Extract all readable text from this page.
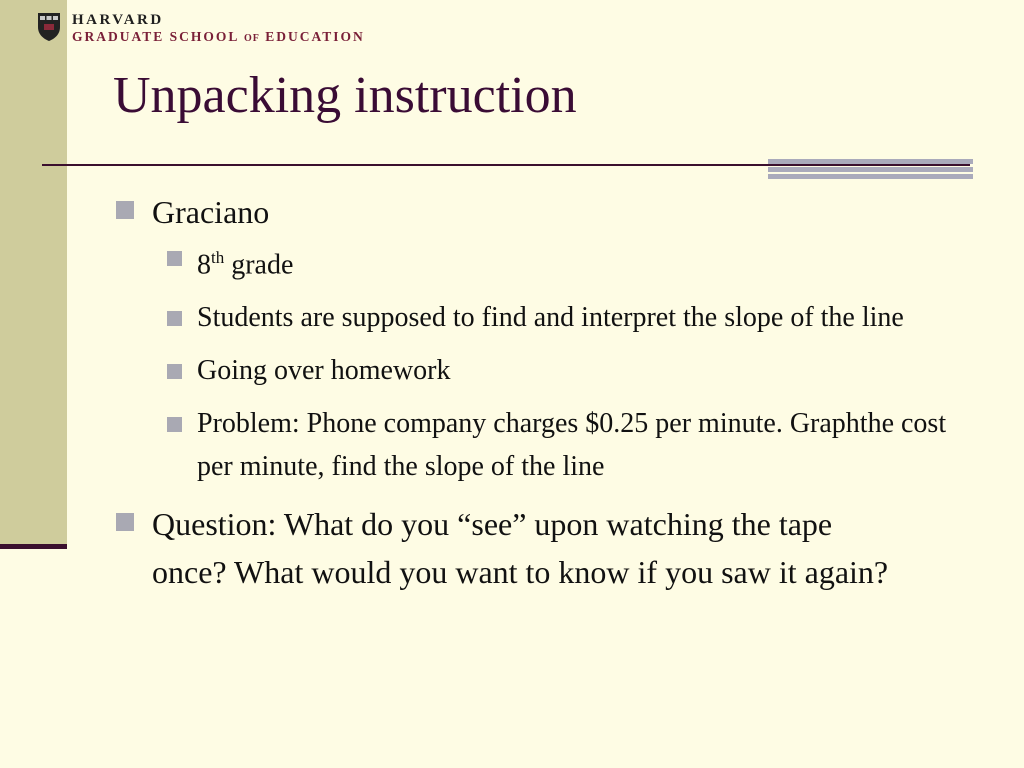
HARVARD
GRADUATE SCHOOL OF EDUCATION
Unpacking instruction
Graciano
8th grade
Students are supposed to find and interpret the slope of the line
Going over homework
Problem: Phone company charges $0.25 per minute. Graphthe cost per minute, find the slope of the line
Question: What do you “see” upon watching the tape once? What would you want to know if you saw it again?
